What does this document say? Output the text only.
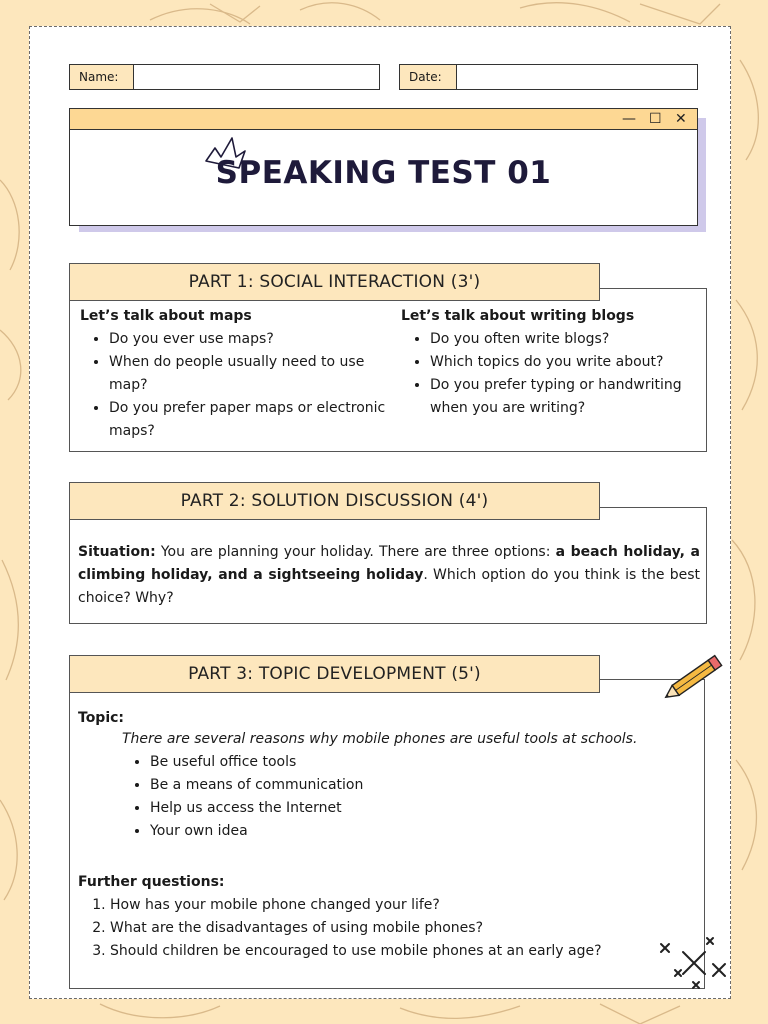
Name:	Date:
— ☐ ✕
SPEAKING TEST 01
PART 1: SOCIAL INTERACTION (3')
Let’s talk about maps
• Do you ever use maps?
• When do people usually need to use map?
• Do you prefer paper maps or electronic maps?
Let’s talk about writing blogs
• Do you often write blogs?
• Which topics do you write about?
• Do you prefer typing or handwriting when you are writing?
PART 2: SOLUTION DISCUSSION (4')
Situation: You are planning your holiday. There are three options: a beach holiday, a climbing holiday, and a sightseeing holiday. Which option do you think is the best choice? Why?
PART 3: TOPIC DEVELOPMENT (5')
Topic:
There are several reasons why mobile phones are useful tools at schools.
• Be useful office tools
• Be a means of communication
• Help us access the Internet
• Your own idea
Further questions:
1. How has your mobile phone changed your life?
2. What are the disadvantages of using mobile phones?
3. Should children be encouraged to use mobile phones at an early age?
